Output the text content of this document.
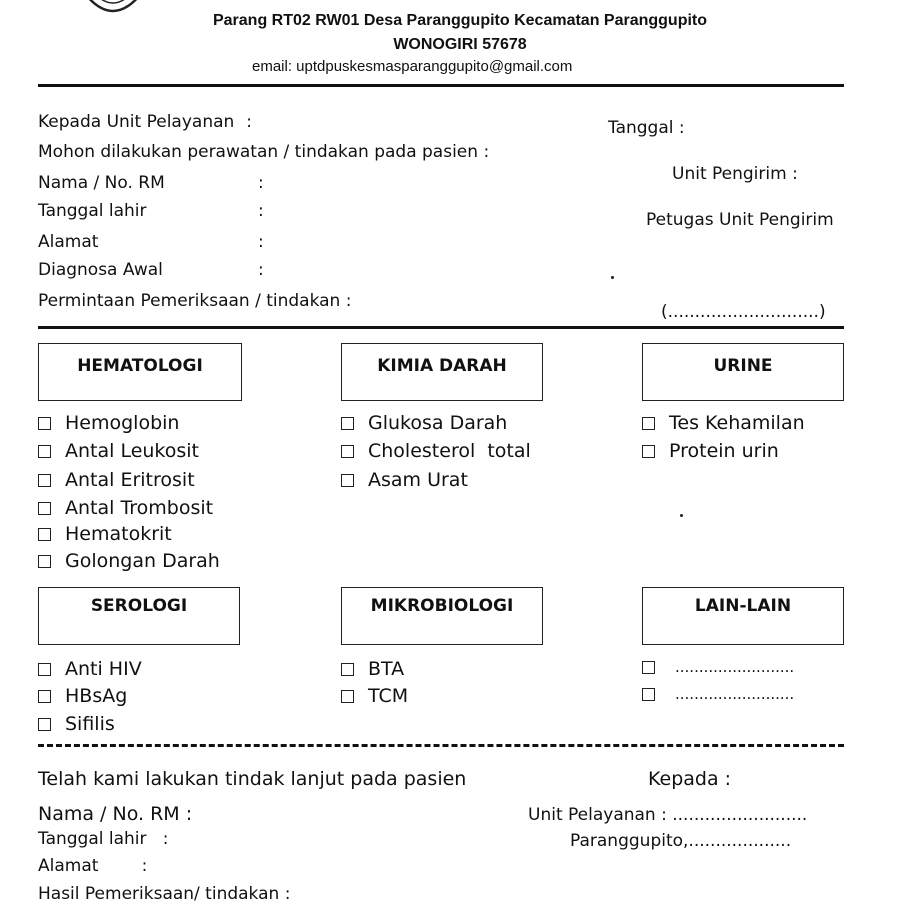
Parang RT02 RW01 Desa Paranggupito Kecamatan Paranggupito
WONOGIRI 57678
email: uptdpuskesmasparanggupito@gmail.com
Kepada Unit Pelayanan :
Mohon dilakukan perawatan / tindakan pada pasien :
Nama / No. RM	:
Tanggal lahir	:
Alamat	:
Diagnosa Awal	:
Permintaan Pemeriksaan / tindakan :
Tanggal :
Unit Pengirim :
Petugas Unit Pengirim
(............................)
HEMATOLOGI	KIMIA DARAH	URINE
Hemoglobin
Antal Leukosit
Antal Eritrosit
Antal Trombosit
Hematokrit
Golongan Darah
Glukosa Darah
Cholesterol  total
Asam Urat
Tes Kehamilan
Protein urin
SEROLOGI	MIKROBIOLOGI	LAIN-LAIN
Anti HIV
HBsAg
Sifilis
BTA
TCM
.........................
.........................
Telah kami lakukan tindak lanjut pada pasien	Kepada :
Nama / No. RM :	Unit Pelayanan : .........................
Tanggal lahir   :	Paranggupito,...................
Alamat        :
Hasil Pemeriksaan/ tindakan :
